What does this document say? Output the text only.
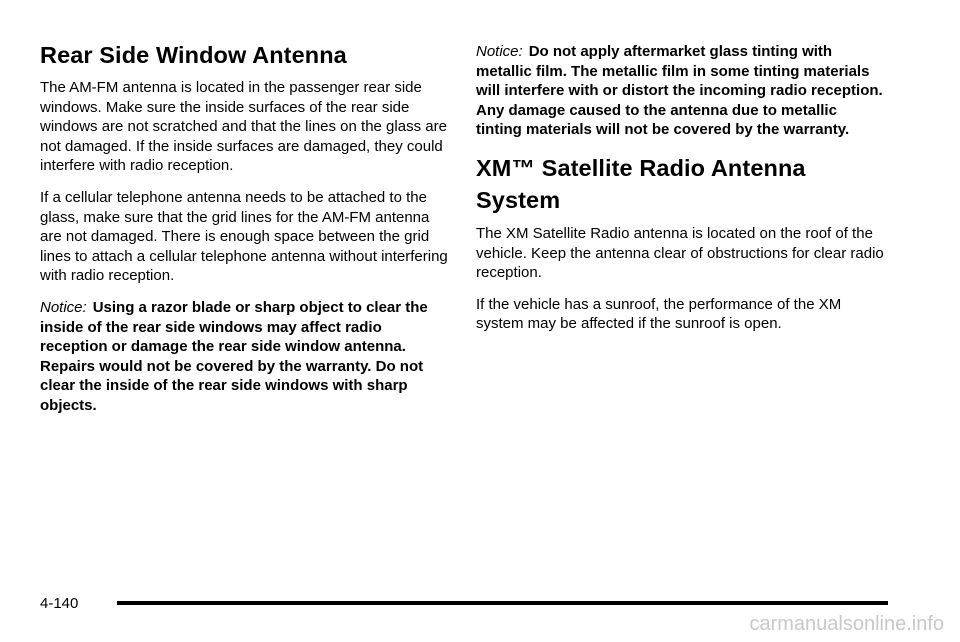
Rear Side Window Antenna

The AM-FM antenna is located in the passenger rear side windows. Make sure the inside surfaces of the rear side windows are not scratched and that the lines on the glass are not damaged. If the inside surfaces are damaged, they could interfere with radio reception.

If a cellular telephone antenna needs to be attached to the glass, make sure that the grid lines for the AM-FM antenna are not damaged. There is enough space between the grid lines to attach a cellular telephone antenna without interfering with radio reception.

Notice: Using a razor blade or sharp object to clear the inside of the rear side windows may affect radio reception or damage the rear side window antenna. Repairs would not be covered by the warranty. Do not clear the inside of the rear side windows with sharp objects.

Notice: Do not apply aftermarket glass tinting with metallic film. The metallic film in some tinting materials will interfere with or distort the incoming radio reception. Any damage caused to the antenna due to metallic tinting materials will not be covered by the warranty.

XM™ Satellite Radio Antenna System

The XM Satellite Radio antenna is located on the roof of the vehicle. Keep the antenna clear of obstructions for clear radio reception.

If the vehicle has a sunroof, the performance of the XM system may be affected if the sunroof is open.

4-140
carmanualsonline.info
